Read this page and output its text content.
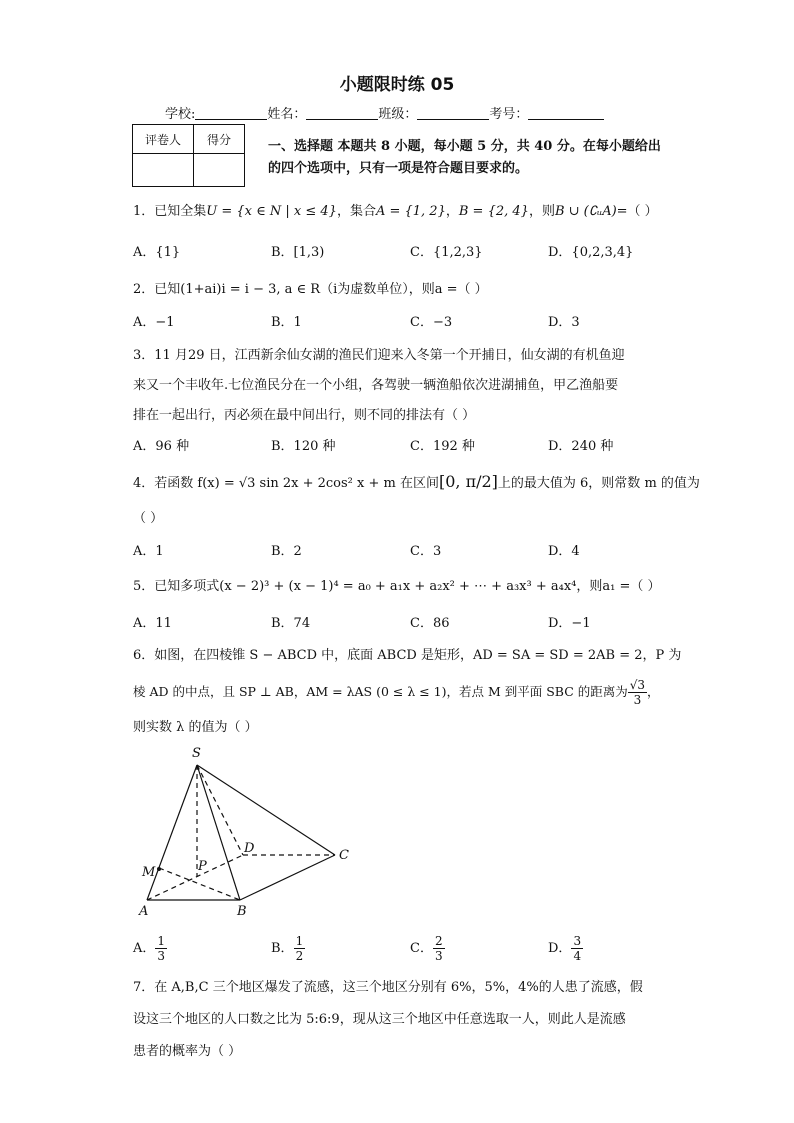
小题限时练 05
学校:	姓名：	班级：	考号：
评卷人	得分
		一、选择题 本题共 8 小题，每小题 5 分，共 40 分。在每小题给出的四个选项中，只有一项是符合题目要求的。
1．已知全集U = {x ∈ N | x ≤ 4}，集合A = {1, 2}，B = {2, 4}，则B ∪ (∁ᵤA)=（ ）
A．{1}	B．[1,3)	C．{1,2,3}	D．{0,2,3,4}
2．已知(1+ai)i = i − 3, a ∈ R（i为虚数单位），则a =（ ）
A．−1	B．1	C．−3	D．3
3．11 月29 日，江西新余仙女湖的渔民们迎来入冬第一个开捕日，仙女湖的有机鱼迎
来又一个丰收年.七位渔民分在一个小组，各驾驶一辆渔船依次进湖捕鱼，甲乙渔船要
排在一起出行，丙必须在最中间出行，则不同的排法有（ ）
A．96 种	B．120 种	C．192 种	D．240 种
4．若函数 f(x) = √3 sin 2x + 2cos² x + m 在区间[0, π/2]上的最大值为 6，则常数 m 的值为
（ ）
A．1	B．2	C．3	D．4
5．已知多项式(x − 2)³ + (x − 1)⁴ = a₀ + a₁x + a₂x² + ⋯ + a₃x³ + a₄x⁴，则a₁ =（ ）
A．11	B．74	C．86	D．−1
6．如图，在四棱锥 S − ABCD 中，底面 ABCD 是矩形，AD = SA = SD = 2AB = 2，P 为
棱 AD 的中点，且 SP ⊥ AB，AM = λAS (0 ≤ λ ≤ 1)，若点 M 到平面 SBC 的距离为 $\frac{√3}{3}$ ，
则实数 λ 的值为（ ）
S
D	C
P
M
A	B
A． $\frac{1}{3}$	B． $\frac{1}{2}$	C． $\frac{2}{3}$	D． $\frac{3}{4}$
7．在 A,B,C 三个地区爆发了流感，这三个地区分别有 6%，5%，4%的人患了流感，假
设这三个地区的人口数之比为 5:6:9，现从这三个地区中任意选取一人，则此人是流感
患者的概率为（ ）
